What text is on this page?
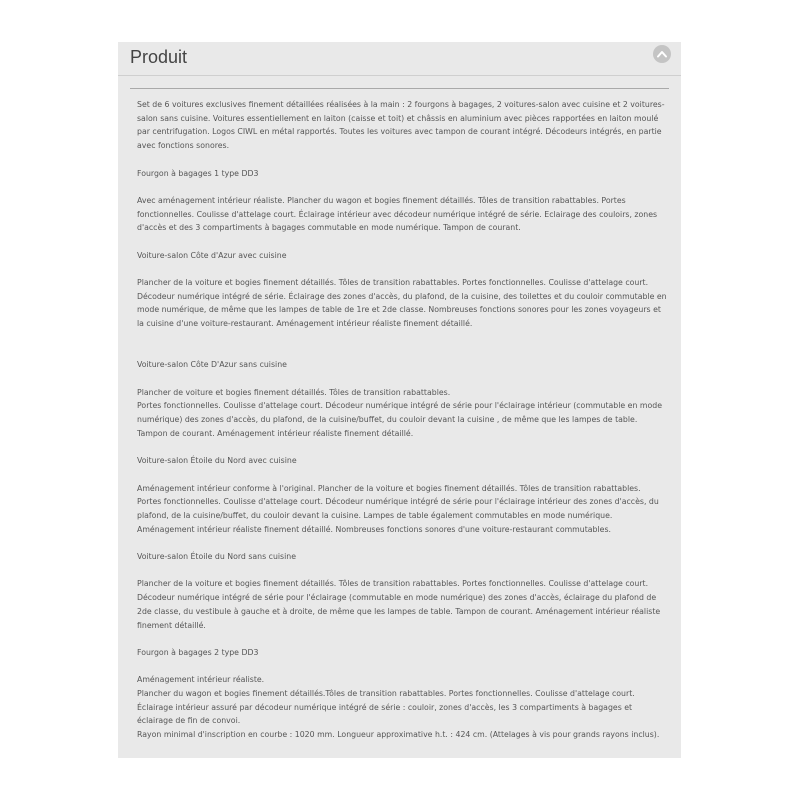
Produit

Set de 6 voitures exclusives finement détaillées réalisées à la main : 2 fourgons à bagages, 2 voitures-salon avec cuisine et 2 voitures-salon sans cuisine. Voitures essentiellement en laiton (caisse et toit) et châssis en aluminium avec pièces rapportées en laiton moulé par centrifugation. Logos CIWL en métal rapportés. Toutes les voitures avec tampon de courant intégré. Décodeurs intégrés, en partie avec fonctions sonores.

Fourgon à bagages 1 type DD3

Avec aménagement intérieur réaliste. Plancher du wagon et bogies finement détaillés. Tôles de transition rabattables. Portes fonctionnelles. Coulisse d'attelage court. Éclairage intérieur avec décodeur numérique intégré de série. Eclairage des couloirs, zones d'accès et des 3 compartiments à bagages commutable en mode numérique. Tampon de courant.

Voiture-salon Côte d'Azur avec cuisine

Plancher de la voiture et bogies finement détaillés. Tôles de transition rabattables. Portes fonctionnelles. Coulisse d'attelage court. Décodeur numérique intégré de série. Éclairage des zones d'accès, du plafond, de la cuisine, des toilettes et du couloir commutable en mode numérique, de même que les lampes de table de 1re et 2de classe. Nombreuses fonctions sonores pour les zones voyageurs et la cuisine d'une voiture-restaurant. Aménagement intérieur réaliste finement détaillé.

Voiture-salon Côte D'Azur sans cuisine

Plancher de voiture et bogies finement détaillés. Tôles de transition rabattables.
Portes fonctionnelles. Coulisse d'attelage court. Décodeur numérique intégré de série pour l'éclairage intérieur (commutable en mode numérique) des zones d'accès, du plafond, de la cuisine/buffet, du couloir devant la cuisine , de même que les lampes de table.
Tampon de courant. Aménagement intérieur réaliste finement détaillé.

Voiture-salon Étoile du Nord avec cuisine

Aménagement intérieur conforme à l'original. Plancher de la voiture et bogies finement détaillés. Tôles de transition rabattables. Portes fonctionnelles. Coulisse d'attelage court. Décodeur numérique intégré de série pour l'éclairage intérieur des zones d'accès, du plafond, de la cuisine/buffet, du couloir devant la cuisine. Lampes de table également commutables en mode numérique. Aménagement intérieur réaliste finement détaillé. Nombreuses fonctions sonores d'une voiture-restaurant commutables.

Voiture-salon Étoile du Nord sans cuisine

Plancher de la voiture et bogies finement détaillés. Tôles de transition rabattables. Portes fonctionnelles. Coulisse d'attelage court. Décodeur numérique intégré de série pour l'éclairage (commutable en mode numérique) des zones d'accès, éclairage du plafond de 2de classe, du vestibule à gauche et à droite, de même que les lampes de table. Tampon de courant. Aménagement intérieur réaliste finement détaillé.

Fourgon à bagages 2 type DD3

Aménagement intérieur réaliste.
Plancher du wagon et bogies finement détaillés.Tôles de transition rabattables. Portes fonctionnelles. Coulisse d'attelage court. Éclairage intérieur assuré par décodeur numérique intégré de série : couloir, zones d'accès, les 3 compartiments à bagages et éclairage de fin de convoi.
Rayon minimal d'inscription en courbe : 1020 mm. Longueur approximative h.t. : 424 cm. (Attelages à vis pour grands rayons inclus).
